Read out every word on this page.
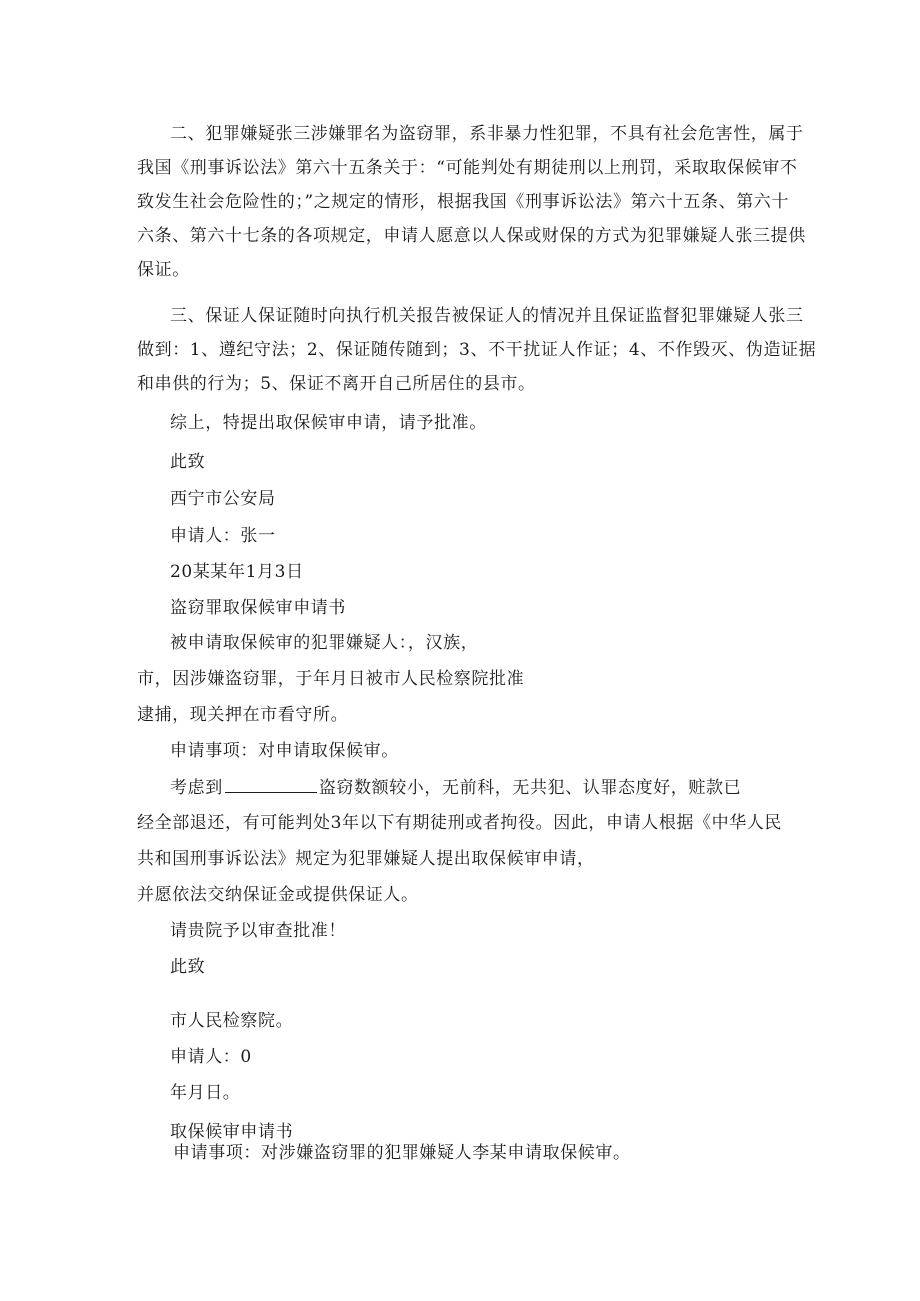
二、犯罪嫌疑张三涉嫌罪名为盗窃罪，系非暴力性犯罪，不具有社会危害性，属于
我国《刑事诉讼法》第六十五条关于：“可能判处有期徒刑以上刑罚，采取取保候审不
致发生社会危险性的；”之规定的情形，根据我国《刑事诉讼法》第六十五条、第六十
六条、第六十七条的各项规定，申请人愿意以人保或财保的方式为犯罪嫌疑人张三提供
保证。
三、保证人保证随时向执行机关报告被保证人的情况并且保证监督犯罪嫌疑人张三
做到：1、遵纪守法；2、保证随传随到；3、不干扰证人作证；4、不作毁灭、伪造证据
和串供的行为；5、保证不离开自己所居住的县市。
综上，特提出取保候审申请，请予批准。
此致
西宁市公安局
申请人：张一
20某某年1月3日
盗窃罪取保候审申请书
被申请取保候审的犯罪嫌疑人：，汉族，
市，因涉嫌盗窃罪，于年月日被市人民检察院批准
逮捕，现关押在市看守所。
申请事项：对申请取保候审。
考虑到	盗窃数额较小，无前科，无共犯、认罪态度好，赃款已
经全部退还，有可能判处3年以下有期徒刑或者拘役。因此，申请人根据《中华人民
共和国刑事诉讼法》规定为犯罪嫌疑人提出取保候审申请，
并愿依法交纳保证金或提供保证人。
请贵院予以审查批准！
此致
市人民检察院。
申请人：0
年月日。
取保候审申请书
申请事项：对涉嫌盗窃罪的犯罪嫌疑人李某申请取保候审。
